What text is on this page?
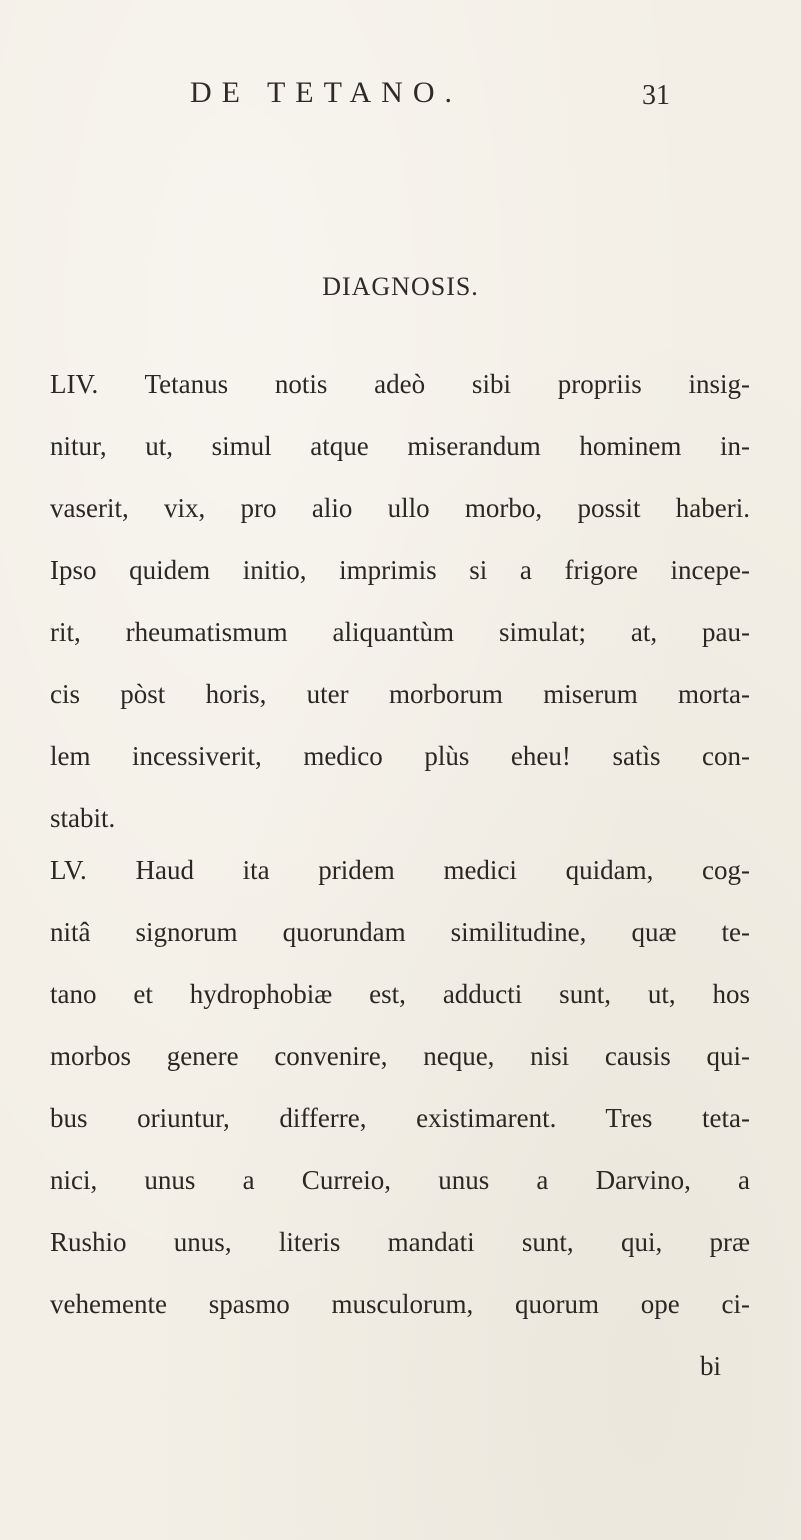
DE TETANO.	31
DIAGNOSIS.
LIV. Tetanus notis adeò sibi propriis insig-
nitur, ut, simul atque miserandum hominem in-
vaserit, vix, pro alio ullo morbo, possit haberi.
Ipso quidem initio, imprimis si a frigore incepe-
rit, rheumatismum aliquantùm simulat; at, pau-
cis pòst horis, uter morborum miserum morta-
lem incessiverit, medico plùs eheu! satìs con-
stabit.
LV. Haud ita pridem medici quidam, cog-
nitâ signorum quorundam similitudine, quæ te-
tano et hydrophobiæ est, adducti sunt, ut, hos
morbos genere convenire, neque, nisi causis qui-
bus oriuntur, differre, existimarent. Tres teta-
nici, unus a Curreio, unus a Darvino, a
Rushio unus, literis mandati sunt, qui, præ
vehemente spasmo musculorum, quorum ope ci-
bi
